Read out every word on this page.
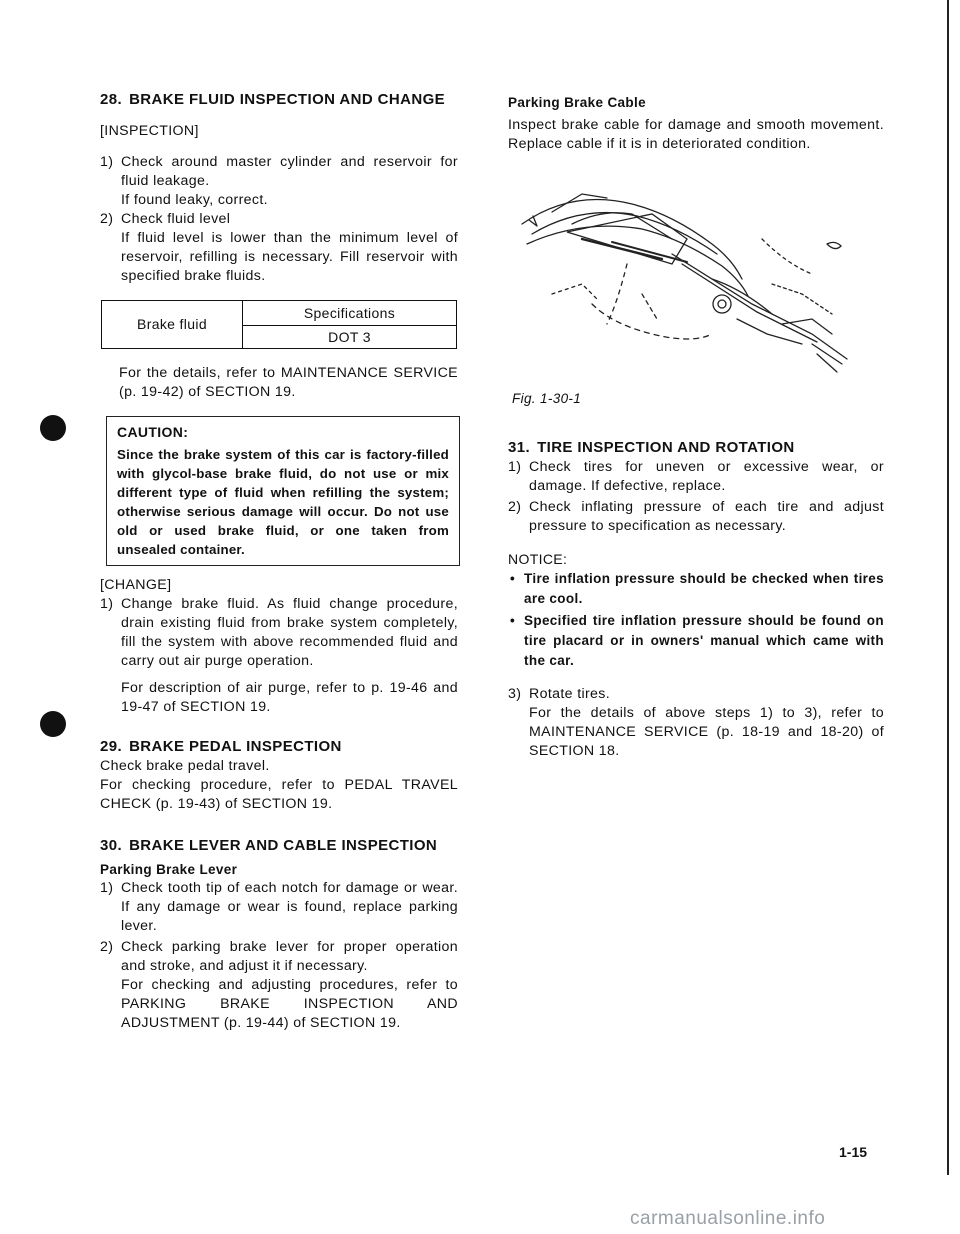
28. BRAKE FLUID INSPECTION AND CHANGE

[INSPECTION]

1) Check around master cylinder and reservoir for fluid leakage.

If found leaky, correct.

2) Check fluid level

If fluid level is lower than the minimum level of reservoir, refilling is necessary. Fill reservoir with specified brake fluids.

Brake fluid	Specifications
DOT 3

For the details, refer to MAINTENANCE SERVICE (p. 19-42) of SECTION 19.

CAUTION:
Since the brake system of this car is factory-filled with glycol-base brake fluid, do not use or mix different type of fluid when refilling the system; otherwise serious damage will occur. Do not use old or used brake fluid, or one taken from unsealed container.

[CHANGE]

1) Change brake fluid. As fluid change procedure, drain existing fluid from brake system completely, fill the system with above recommended fluid and carry out air purge operation.

For description of air purge, refer to p. 19-46 and 19-47 of SECTION 19.

29. BRAKE PEDAL INSPECTION

Check brake pedal travel.

For checking procedure, refer to PEDAL TRAVEL CHECK (p. 19-43) of SECTION 19.

30. BRAKE LEVER AND CABLE INSPECTION

Parking Brake Lever

1) Check tooth tip of each notch for damage or wear. If any damage or wear is found, replace parking lever.
2) Check parking brake lever for proper operation and stroke, and adjust it if necessary.

For checking and adjusting procedures, refer to PARKING BRAKE INSPECTION AND ADJUSTMENT (p. 19-44) of SECTION 19.

Parking Brake Cable

Inspect brake cable for damage and smooth movement. Replace cable if it is in deteriorated condition.

Fig. 1-30-1

31. TIRE INSPECTION AND ROTATION
1) Check tires for uneven or excessive wear, or damage. If defective, replace.
2) Check inflating pressure of each tire and adjust pressure to specification as necessary.

NOTICE:

• Tire inflation pressure should be checked when tires are cool.
• Specified tire inflation pressure should be found on tire placard or in owners' manual which came with the car.
3) Rotate tires.

For the details of above steps 1) to 3), refer to MAINTENANCE SERVICE (p. 18-19 and 18-20) of SECTION 18.

1-15
carmanualsonline.info
